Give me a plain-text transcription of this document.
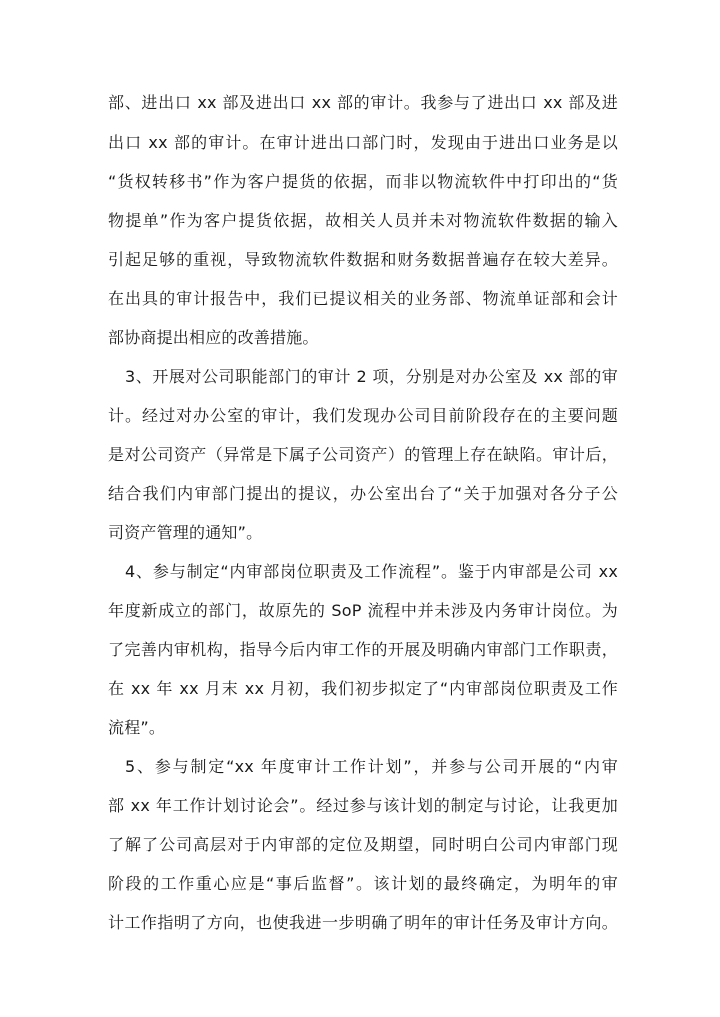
部、进出口 xx 部及进出口 xx 部的审计。我参与了进出口 xx 部及进
出口 xx 部的审计。在审计进出口部门时，发现由于进出口业务是以
“货权转移书”作为客户提货的依据，而非以物流软件中打印出的“货
物提单”作为客户提货依据，故相关人员并未对物流软件数据的输入
引起足够的重视，导致物流软件数据和财务数据普遍存在较大差异。
在出具的审计报告中，我们已提议相关的业务部、物流单证部和会计
部协商提出相应的改善措施。
3、开展对公司职能部门的审计 2 项，分别是对办公室及 xx 部的审
计。经过对办公室的审计，我们发现办公司目前阶段存在的主要问题
是对公司资产（异常是下属子公司资产）的管理上存在缺陷。审计后，
结合我们内审部门提出的提议，办公室出台了“关于加强对各分子公
司资产管理的通知”。
4、参与制定“内审部岗位职责及工作流程”。鉴于内审部是公司 xx
年度新成立的部门，故原先的 SoP 流程中并未涉及内务审计岗位。为
了完善内审机构，指导今后内审工作的开展及明确内审部门工作职责，
在 xx 年 xx 月末 xx 月初，我们初步拟定了“内审部岗位职责及工作
流程”。
5、参与制定“xx 年度审计工作计划”，并参与公司开展的“内审
部 xx 年工作计划讨论会”。经过参与该计划的制定与讨论，让我更加
了解了公司高层对于内审部的定位及期望，同时明白公司内审部门现
阶段的工作重心应是“事后监督”。该计划的最终确定，为明年的审
计工作指明了方向，也使我进一步明确了明年的审计任务及审计方向。
